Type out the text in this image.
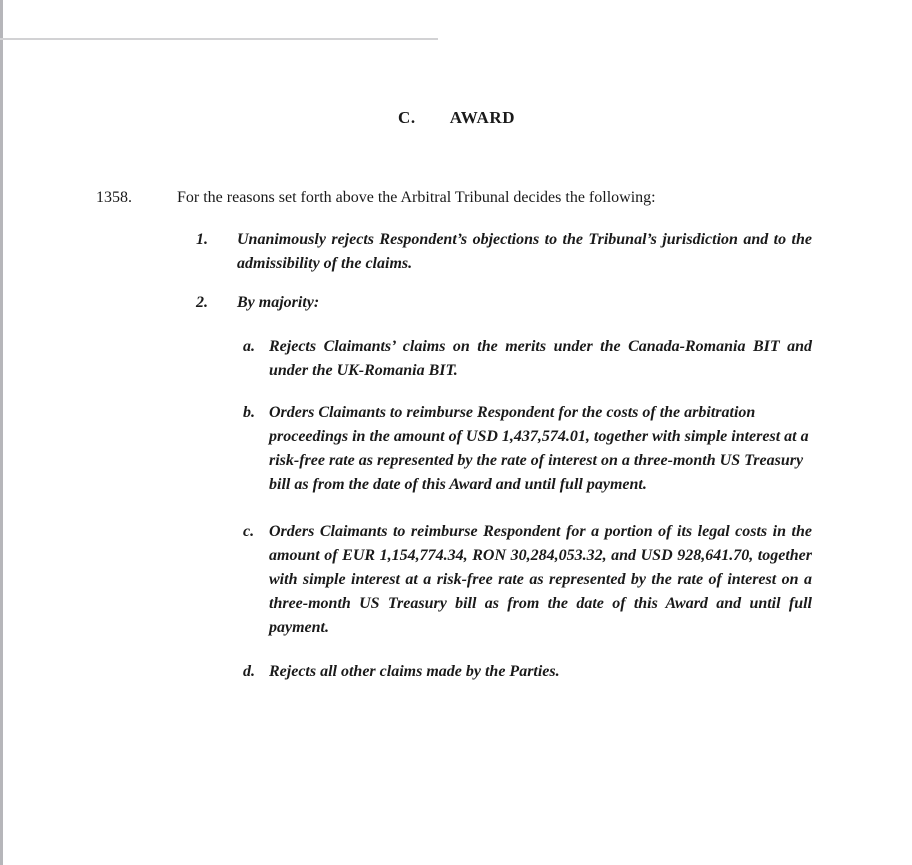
C. AWARD
1358.	For the reasons set forth above the Arbitral Tribunal decides the following:
1.	Unanimously rejects Respondent’s objections to the Tribunal’s jurisdiction and to the admissibility of the claims.
2.	By majority:
a. Rejects Claimants’ claims on the merits under the Canada-Romania BIT and under the UK-Romania BIT.
b. Orders Claimants to reimburse Respondent for the costs of the arbitration proceedings in the amount of USD 1,437,574.01, together with simple interest at a risk-free rate as represented by the rate of interest on a three-month US Treasury bill as from the date of this Award and until full payment.
c. Orders Claimants to reimburse Respondent for a portion of its legal costs in the amount of EUR 1,154,774.34, RON 30,284,053.32, and USD 928,641.70, together with simple interest at a risk-free rate as represented by the rate of interest on a three-month US Treasury bill as from the date of this Award and until full payment.
d. Rejects all other claims made by the Parties.
